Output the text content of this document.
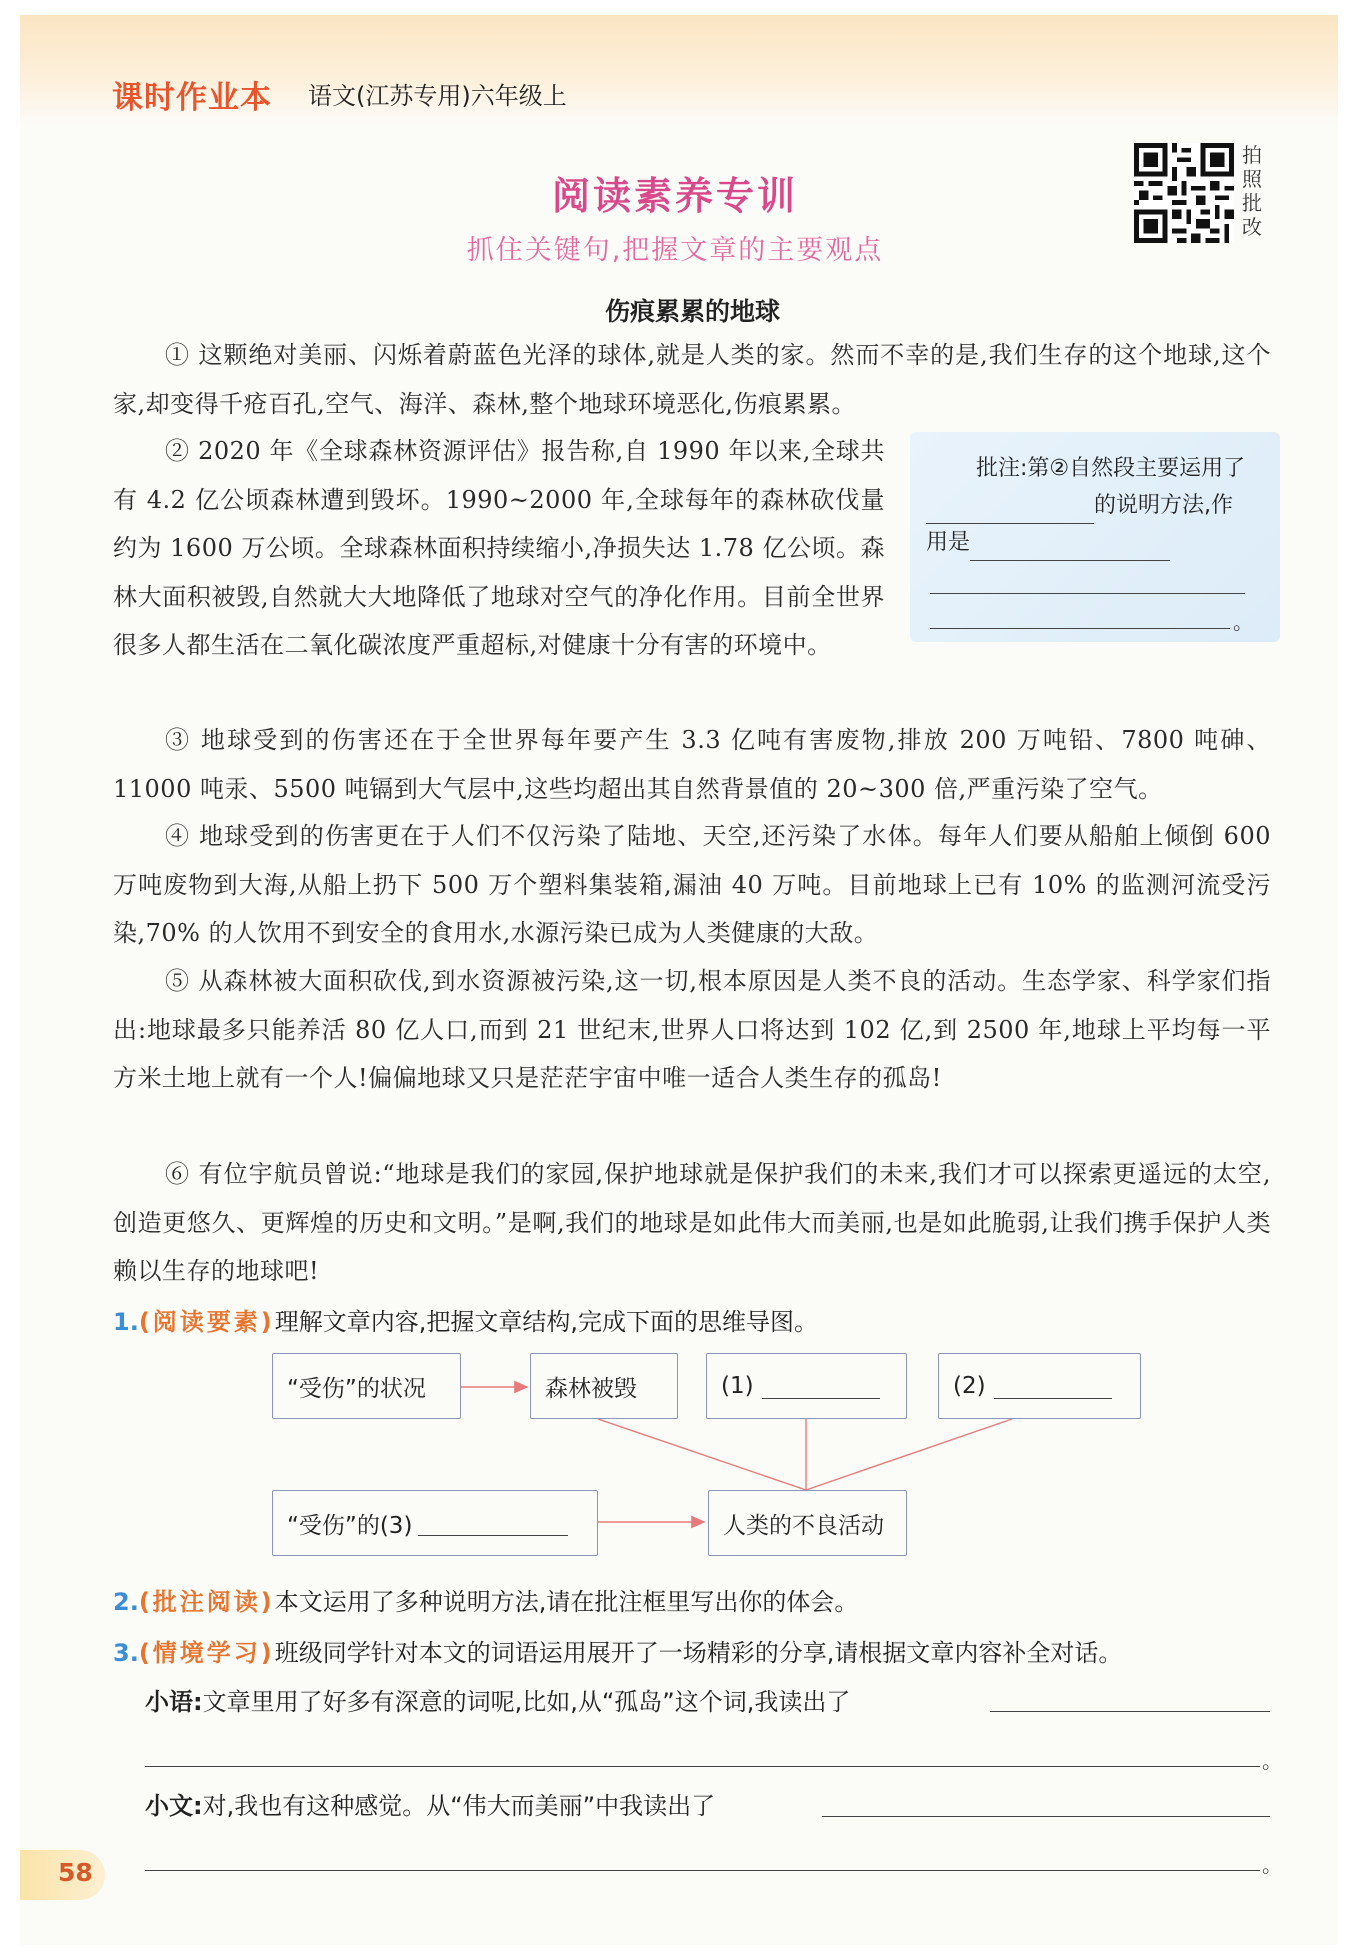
课时作业本 语文(江苏专用)六年级上
阅读素养专训
抓住关键句,把握文章的主要观点
拍照批改
伤痕累累的地球

① 这颗绝对美丽、闪烁着蔚蓝色光泽的球体,就是人类的家。然而不幸的是,我们生存的这个地球,这个家,却变得千疮百孔,空气、海洋、森林,整个地球环境恶化,伤痕累累。

② 2020 年《全球森林资源评估》报告称,自 1990 年以来,全球共有 4.2 亿公顷森林遭到毁坏。1990~2000 年,全球每年的森林砍伐量约为 1600 万公顷。全球森林面积持续缩小,净损失达 1.78 亿公顷。森林大面积被毁,自然就大大地降低了地球对空气的净化作用。目前全世界很多人都生活在二氧化碳浓度严重超标,对健康十分有害的环境中。

③ 地球受到的伤害还在于全世界每年要产生 3.3 亿吨有害废物,排放 200 万吨铅、7800 吨砷、11000 吨汞、5500 吨镉到大气层中,这些均超出其自然背景值的 20~300 倍,严重污染了空气。

④ 地球受到的伤害更在于人们不仅污染了陆地、天空,还污染了水体。每年人们要从船舶上倾倒 600 万吨废物到大海,从船上扔下 500 万个塑料集装箱,漏油 40 万吨。目前地球上已有 10% 的监测河流受污染,70% 的人饮用不到安全的食用水,水源污染已成为人类健康的大敌。

⑤ 从森林被大面积砍伐,到水资源被污染,这一切,根本原因是人类不良的活动。生态学家、科学家们指出:地球最多只能养活 80 亿人口,而到 21 世纪末,世界人口将达到 102 亿,到 2500 年,地球上平均每一平方米土地上就有一个人!偏偏地球又只是茫茫宇宙中唯一适合人类生存的孤岛!

⑥ 有位宇航员曾说:“地球是我们的家园,保护地球就是保护我们的未来,我们才可以探索更遥远的太空,创造更悠久、更辉煌的历史和文明。”是啊,我们的地球是如此伟大而美丽,也是如此脆弱,让我们携手保护人类赖以生存的地球吧!

批注:第②自然段主要运用了的说明方法,作用是
。
1.(阅读要素)理解文章内容,把握文章结构,完成下面的思维导图。
“受伤”的状况	森林被毁	(1)	(2)
“受伤”的(3)	人类的不良活动
2.(批注阅读)本文运用了多种说明方法,请在批注框里写出你的体会。
3.(情境学习)班级同学针对本文的词语运用展开了一场精彩的分享,请根据文章内容补全对话。
小语:文章里用了好多有深意的词呢,比如,从“孤岛”这个词,我读出了
。
小文:对,我也有这种感觉。从“伟大而美丽”中我读出了
。
58
